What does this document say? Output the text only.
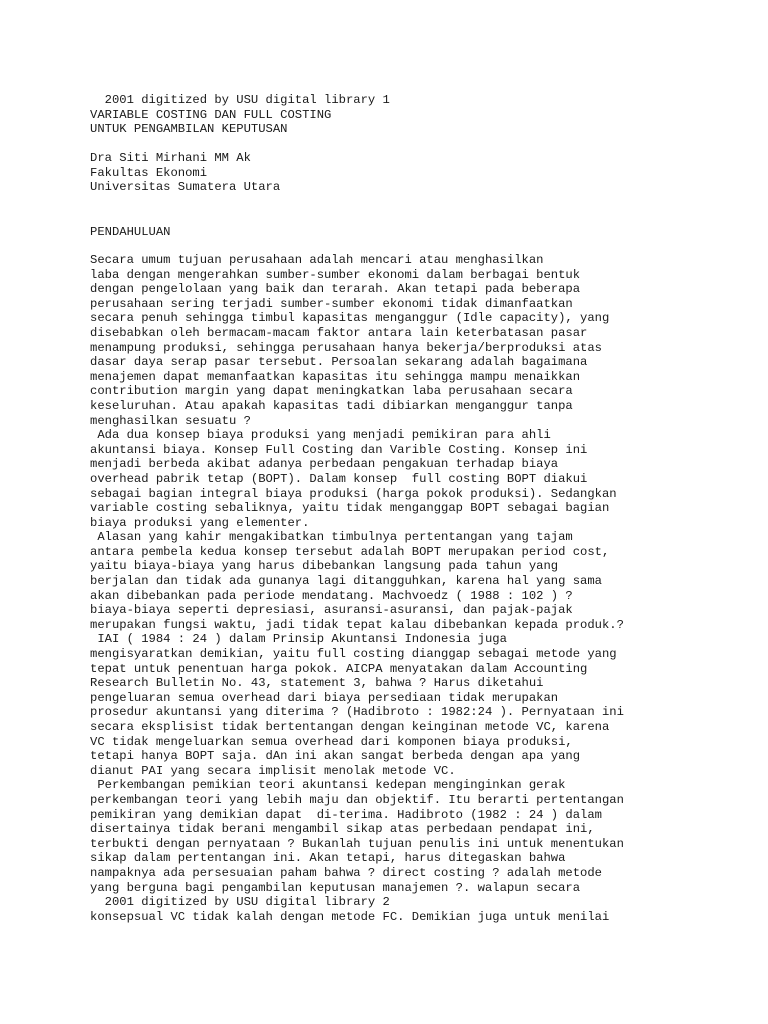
2001 digitized by USU digital library 1
VARIABLE COSTING DAN FULL COSTING
UNTUK PENGAMBILAN KEPUTUSAN
Dra Siti Mirhani MM Ak
Fakultas Ekonomi
Universitas Sumatera Utara
PENDAHULUAN
Secara umum tujuan perusahaan adalah mencari atau menghasilkan
laba dengan mengerahkan sumber-sumber ekonomi dalam berbagai bentuk
dengan pengelolaan yang baik dan terarah. Akan tetapi pada beberapa
perusahaan sering terjadi sumber-sumber ekonomi tidak dimanfaatkan
secara penuh sehingga timbul kapasitas menganggur (Idle capacity), yang
disebabkan oleh bermacam-macam faktor antara lain keterbatasan pasar
menampung produksi, sehingga perusahaan hanya bekerja/berproduksi atas
dasar daya serap pasar tersebut. Persoalan sekarang adalah bagaimana
menajemen dapat memanfaatkan kapasitas itu sehingga mampu menaikkan
contribution margin yang dapat meningkatkan laba perusahaan secara
keseluruhan. Atau apakah kapasitas tadi dibiarkan menganggur tanpa
menghasilkan sesuatu ?
Ada dua konsep biaya produksi yang menjadi pemikiran para ahli
akuntansi biaya. Konsep Full Costing dan Varible Costing. Konsep ini
menjadi berbeda akibat adanya perbedaan pengakuan terhadap biaya
overhead pabrik tetap (BOPT). Dalam konsep  full costing BOPT diakui
sebagai bagian integral biaya produksi (harga pokok produksi). Sedangkan
variable costing sebaliknya, yaitu tidak menganggap BOPT sebagai bagian
biaya produksi yang elementer.
Alasan yang kahir mengakibatkan timbulnya pertentangan yang tajam
antara pembela kedua konsep tersebut adalah BOPT merupakan period cost,
yaitu biaya-biaya yang harus dibebankan langsung pada tahun yang
berjalan dan tidak ada gunanya lagi ditangguhkan, karena hal yang sama
akan dibebankan pada periode mendatang. Machvoedz ( 1988 : 102 ) ?
biaya-biaya seperti depresiasi, asuransi-asuransi, dan pajak-pajak
merupakan fungsi waktu, jadi tidak tepat kalau dibebankan kepada produk.?
IAI ( 1984 : 24 ) dalam Prinsip Akuntansi Indonesia juga
mengisyaratkan demikian, yaitu full costing dianggap sebagai metode yang
tepat untuk penentuan harga pokok. AICPA menyatakan dalam Accounting
Research Bulletin No. 43, statement 3, bahwa ? Harus diketahui
pengeluaran semua overhead dari biaya persediaan tidak merupakan
prosedur akuntansi yang diterima ? (Hadibroto : 1982:24 ). Pernyataan ini
secara eksplisist tidak bertentangan dengan keinginan metode VC, karena
VC tidak mengeluarkan semua overhead dari komponen biaya produksi,
tetapi hanya BOPT saja. dAn ini akan sangat berbeda dengan apa yang
dianut PAI yang secara implisit menolak metode VC.
Perkembangan pemikian teori akuntansi kedepan menginginkan gerak
perkembangan teori yang lebih maju dan objektif. Itu berarti pertentangan
pemikiran yang demikian dapat  di-terima. Hadibroto (1982 : 24 ) dalam
disertainya tidak berani mengambil sikap atas perbedaan pendapat ini,
terbukti dengan pernyataan ? Bukanlah tujuan penulis ini untuk menentukan
sikap dalam pertentangan ini. Akan tetapi, harus ditegaskan bahwa
nampaknya ada persesuaian paham bahwa ? direct costing ? adalah metode
yang berguna bagi pengambilan keputusan manajemen ?. walapun secara
2001 digitized by USU digital library 2
konsepsual VC tidak kalah dengan metode FC. Demikian juga untuk menilai
